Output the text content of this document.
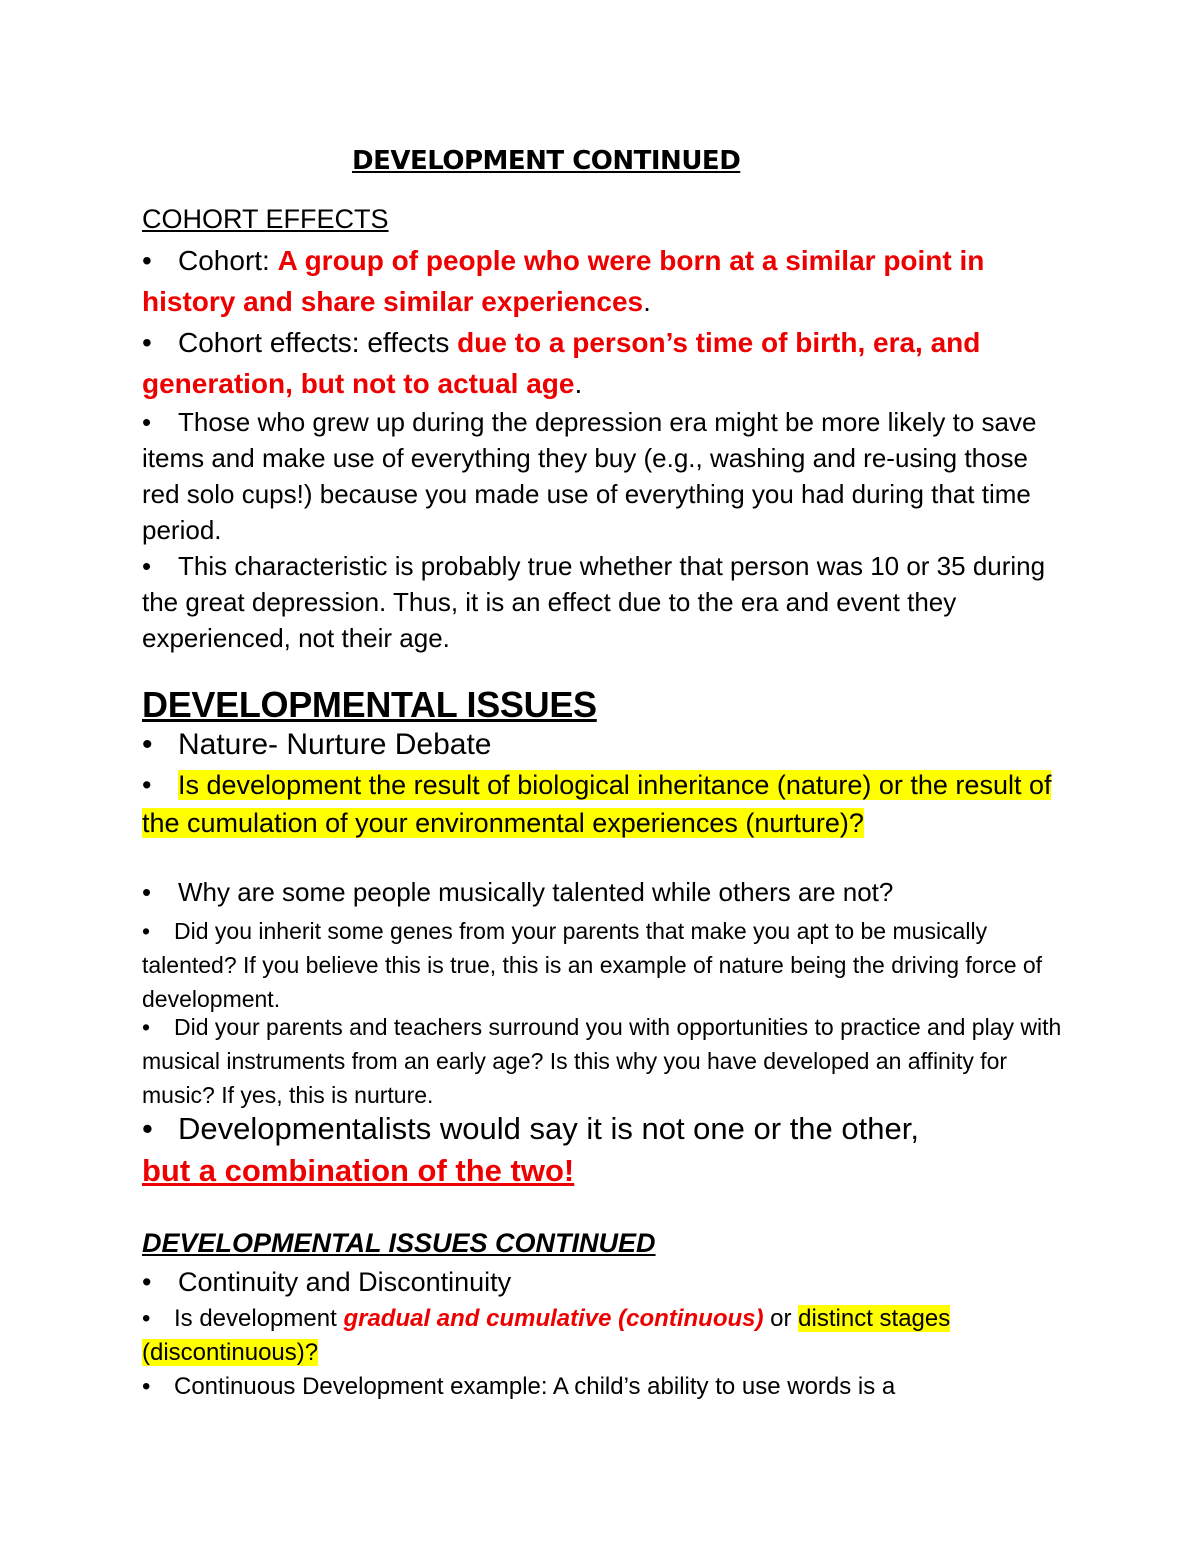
DEVELOPMENT CONTINUED
COHORT EFFECTS

• Cohort: A group of people who were born at a similar point in history and share similar experiences.

• Cohort effects: effects due to a person’s time of birth, era, and generation, but not to actual age.

• Those who grew up during the depression era might be more likely to save items and make use of everything they buy (e.g., washing and re-using those red solo cups!) because you made use of everything you had during that time period.

• This characteristic is probably true whether that person was 10 or 35 during the great depression. Thus, it is an effect due to the era and event they experienced, not their age.

DEVELOPMENTAL ISSUES

• Nature- Nurture Debate

• Is development the result of biological inheritance (nature) or the result of the cumulation of your environmental experiences (nurture)?

• Why are some people musically talented while others are not?

• Did you inherit some genes from your parents that make you apt to be musically talented? If you believe this is true, this is an example of nature being the driving force of development.

• Did your parents and teachers surround you with opportunities to practice and play with musical instruments from an early age? Is this why you have developed an affinity for music? If yes, this is nurture.

• Developmentalists would say it is not one or the other,
but a combination of the two!

DEVELOPMENTAL ISSUES CONTINUED

• Continuity and Discontinuity

• Is development gradual and cumulative (continuous) or distinct stages (discontinuous)?

• Continuous Development example: A child’s ability to use words is a
